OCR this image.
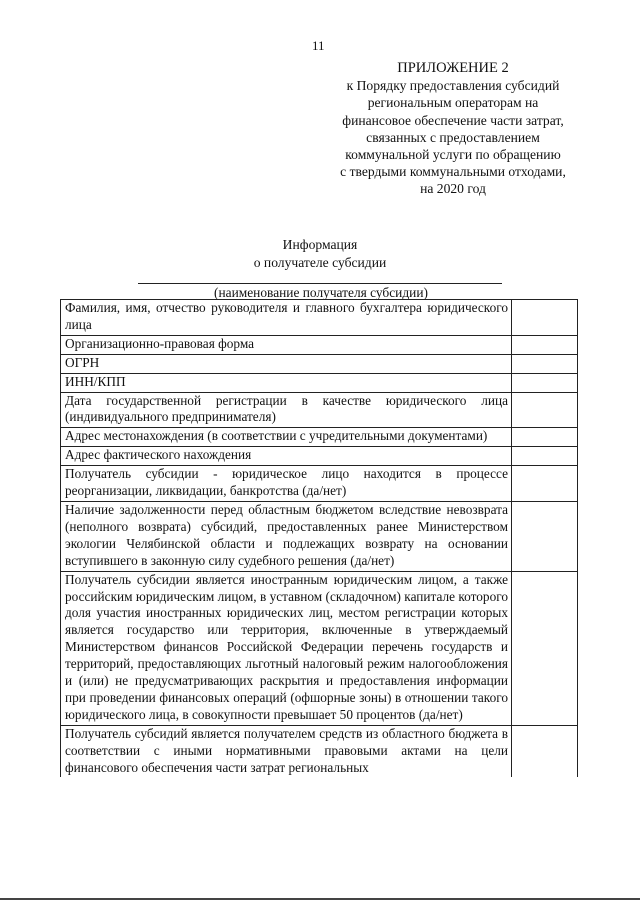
11
ПРИЛОЖЕНИЕ 2
к Порядку предоставления субсидий
региональным операторам на
финансовое обеспечение части затрат,
связанных с предоставлением
коммунальной услуги по обращению
с твердыми коммунальными отходами,
на 2020 год
Информация
о получателе субсидии
(наименование получателя субсидии)
Фамилия, имя, отчество руководителя и главного бухгалтера юридического лица	
Организационно-правовая форма	
ОГРН	
ИНН/КПП	
Дата государственной регистрации в качестве юридического лица (индивидуального предпринимателя)	
Адрес местонахождения (в соответствии с учредительными документами)	
Адрес фактического нахождения	
Получатель субсидии - юридическое лицо находится в процессе реорганизации, ликвидации, банкротства (да/нет)	
Наличие задолженности перед областным бюджетом вследствие невозврата (неполного возврата) субсидий, предоставленных ранее Министерством экологии Челябинской области и подлежащих возврату на основании вступившего в законную силу судебного решения (да/нет)	
Получатель субсидии является иностранным юридическим лицом, а также российским юридическим лицом, в уставном (складочном) капитале которого доля участия иностранных юридических лиц, местом регистрации которых является государство или территория, включенные в утверждаемый Министерством финансов Российской Федерации перечень государств и территорий, предоставляющих льготный налоговый режим налогообложения и (или) не предусматривающих раскрытия и предоставления информации при проведении финансовых операций (офшорные зоны) в отношении такого юридического лица, в совокупности превышает 50 процентов (да/нет)	
Получатель субсидий является получателем средств из областного бюджета в соответствии с иными нормативными правовыми актами на цели финансового обеспечения части затрат региональных	
